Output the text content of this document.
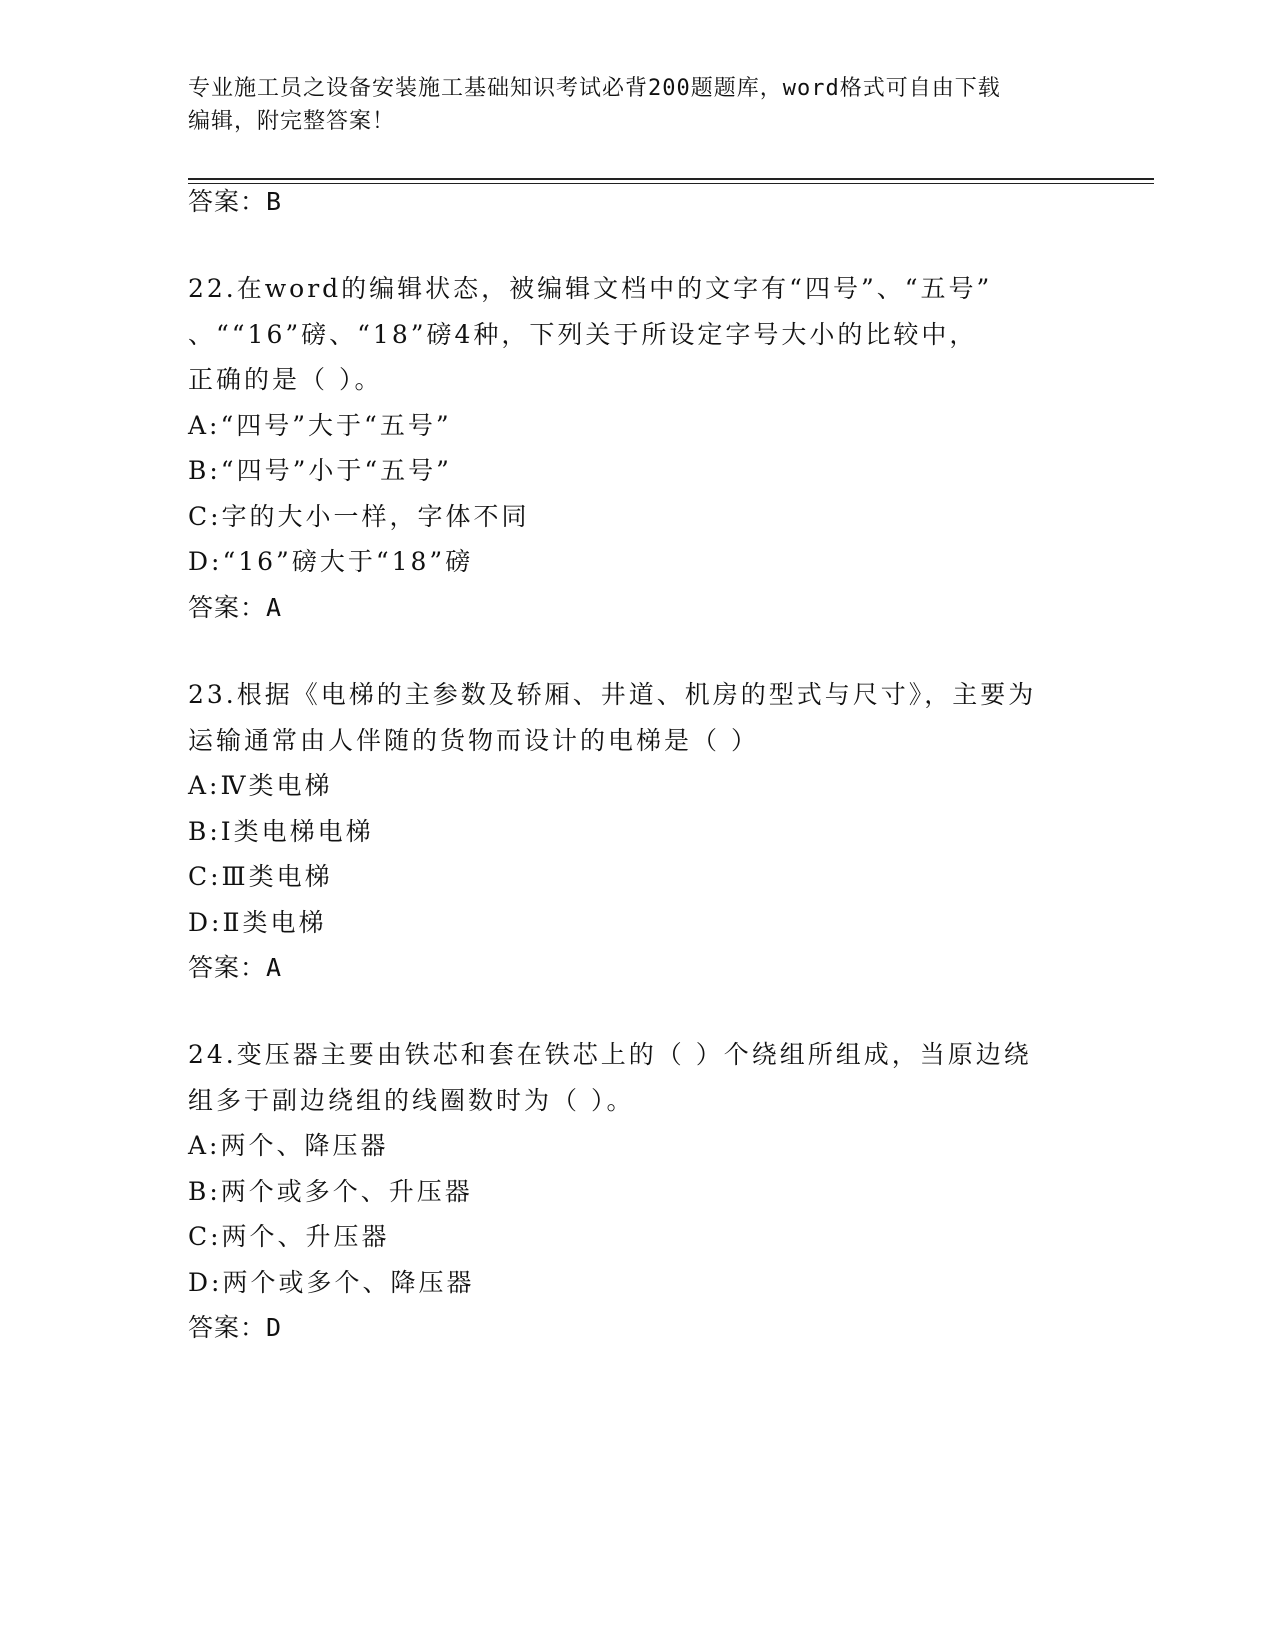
专业施工员之设备安装施工基础知识考试必背200题题库，word格式可自由下载
编辑，附完整答案！
答案：B

22.在word的编辑状态，被编辑文档中的文字有“四号”、“五号”

、““16”磅、“18”磅4种，下列关于所设定字号大小的比较中，

正确的是（ ）。

A:“四号”大于“五号”

B:“四号”小于“五号”

C:字的大小一样，字体不同

D:“16”磅大于“18”磅

答案：A

23.根据《电梯的主参数及轿厢、井道、机房的型式与尺寸》，主要为

运输通常由人伴随的货物而设计的电梯是（ ）

A:Ⅳ类电梯

B:Ⅰ类电梯电梯

C:Ⅲ类电梯

D:Ⅱ类电梯

答案：A

24.变压器主要由铁芯和套在铁芯上的（ ）个绕组所组成，当原边绕

组多于副边绕组的线圈数时为（ ）。

A:两个、降压器

B:两个或多个、升压器

C:两个、升压器

D:两个或多个、降压器

答案：D
